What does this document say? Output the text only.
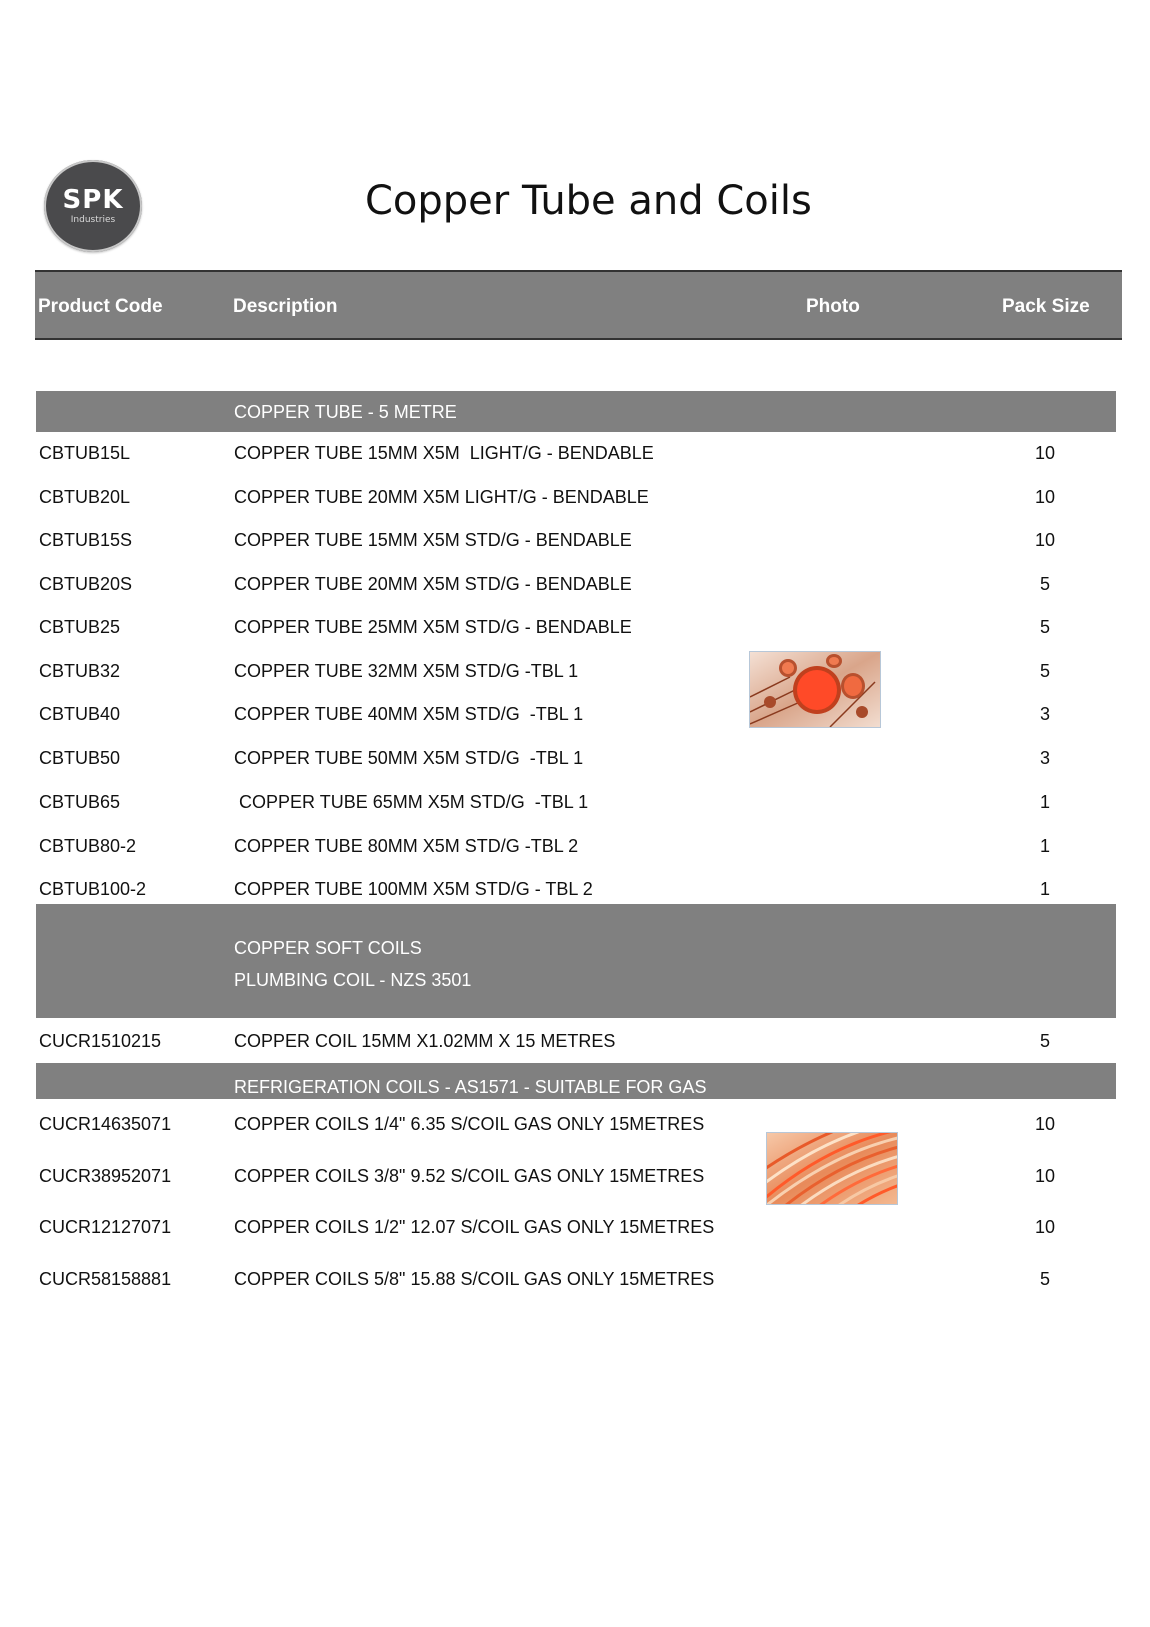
SPK
Industries	Copper Tube and Coils
Product Code	Description	Photo	Pack Size
COPPER TUBE - 5 METRE
CBTUB15L	COPPER TUBE 15MM X5M  LIGHT/G - BENDABLE	10
CBTUB20L	COPPER TUBE 20MM X5M LIGHT/G - BENDABLE	10
CBTUB15S	COPPER TUBE 15MM X5M STD/G - BENDABLE	10
CBTUB20S	COPPER TUBE 20MM X5M STD/G - BENDABLE	5
CBTUB25	COPPER TUBE 25MM X5M STD/G - BENDABLE	5
CBTUB32	COPPER TUBE 32MM X5M STD/G -TBL 1	5
CBTUB40	COPPER TUBE 40MM X5M STD/G  -TBL 1	3
CBTUB50	COPPER TUBE 50MM X5M STD/G  -TBL 1	3
CBTUB65	COPPER TUBE 65MM X5M STD/G  -TBL 1	1
CBTUB80-2	COPPER TUBE 80MM X5M STD/G -TBL 2	1
CBTUB100-2	COPPER TUBE 100MM X5M STD/G - TBL 2	1
COPPER SOFT COILS
PLUMBING COIL - NZS 3501
CUCR1510215	COPPER COIL 15MM X1.02MM X 15 METRES	5
REFRIGERATION COILS - AS1571 - SUITABLE FOR GAS
CUCR14635071	COPPER COILS 1/4" 6.35 S/COIL GAS ONLY 15METRES	10
CUCR38952071	COPPER COILS 3/8" 9.52 S/COIL GAS ONLY 15METRES	10
CUCR12127071	COPPER COILS 1/2" 12.07 S/COIL GAS ONLY 15METRES	10
CUCR58158881	COPPER COILS 5/8" 15.88 S/COIL GAS ONLY 15METRES	5
